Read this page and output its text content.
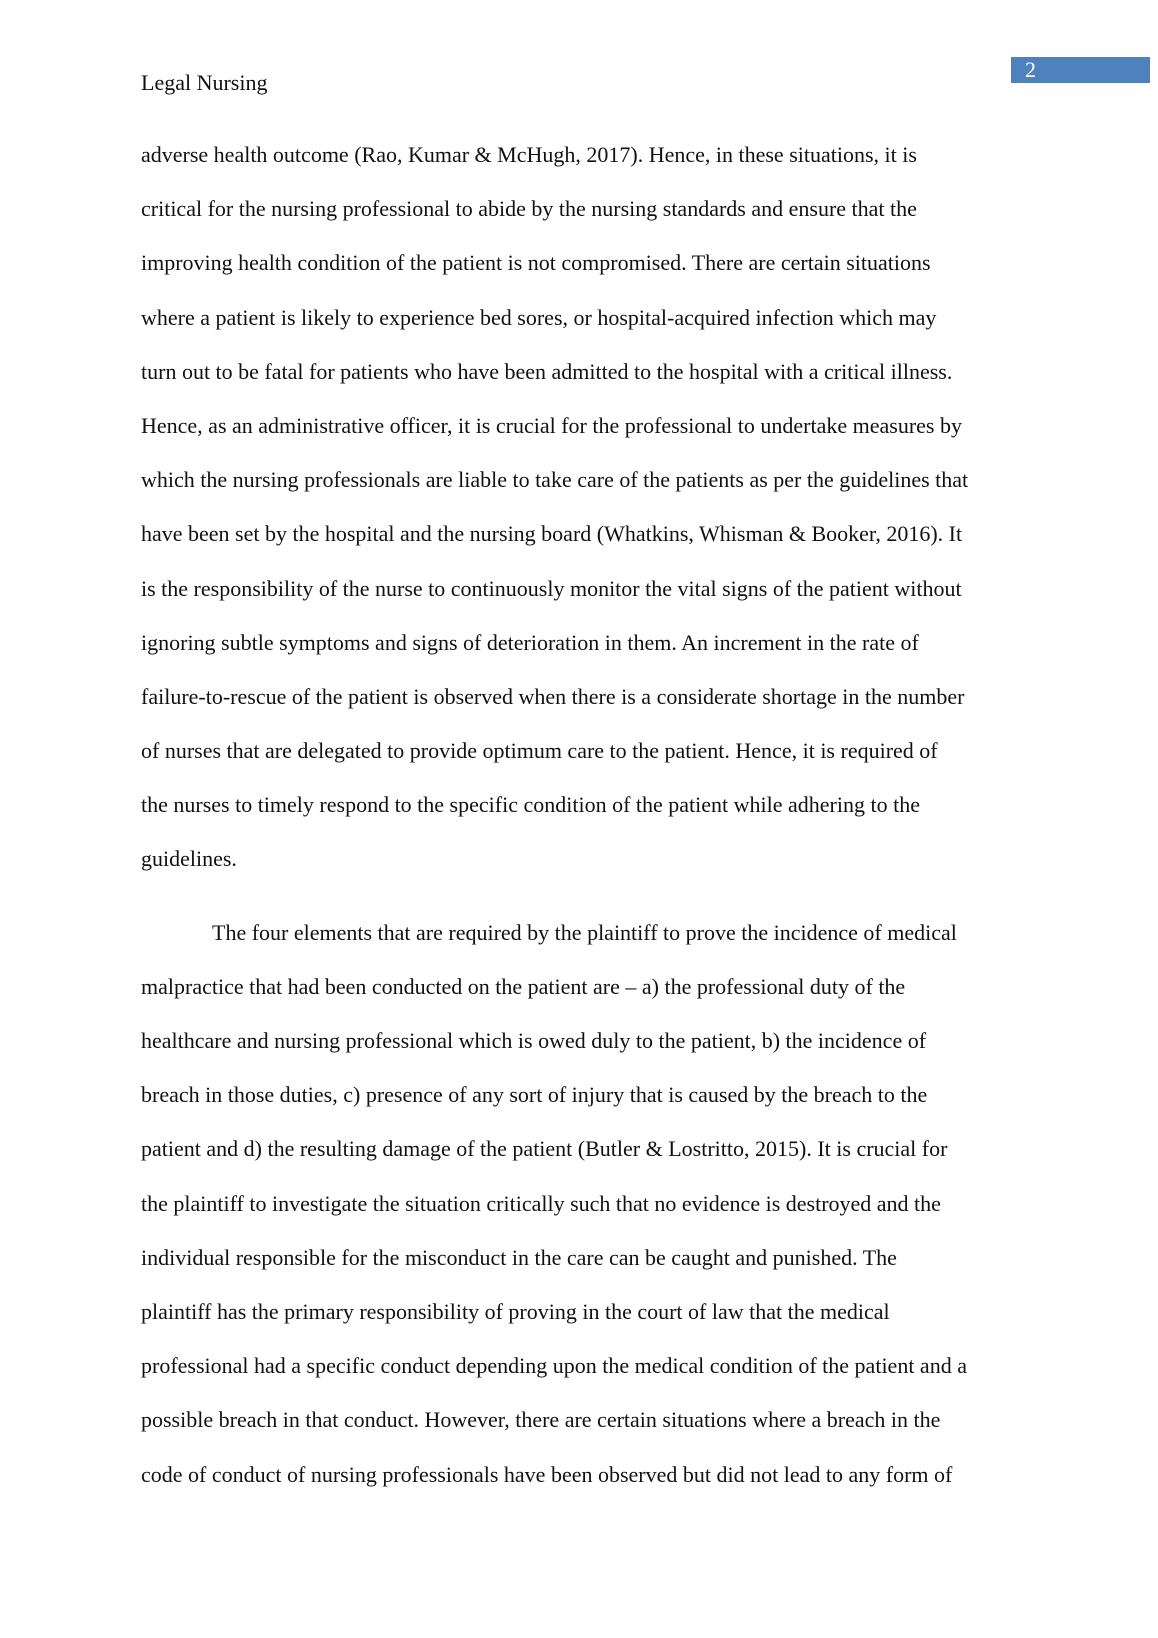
Legal Nursing
2
adverse health outcome (Rao, Kumar & McHugh, 2017). Hence, in these situations, it is
critical for the nursing professional to abide by the nursing standards and ensure that the
improving health condition of the patient is not compromised. There are certain situations
where a patient is likely to experience bed sores, or hospital-acquired infection which may
turn out to be fatal for patients who have been admitted to the hospital with a critical illness.
Hence, as an administrative officer, it is crucial for the professional to undertake measures by
which the nursing professionals are liable to take care of the patients as per the guidelines that
have been set by the hospital and the nursing board (Whatkins, Whisman & Booker, 2016). It
is the responsibility of the nurse to continuously monitor the vital signs of the patient without
ignoring subtle symptoms and signs of deterioration in them. An increment in the rate of
failure-to-rescue of the patient is observed when there is a considerate shortage in the number
of nurses that are delegated to provide optimum care to the patient. Hence, it is required of
the nurses to timely respond to the specific condition of the patient while adhering to the
guidelines.
The four elements that are required by the plaintiff to prove the incidence of medical
malpractice that had been conducted on the patient are – a) the professional duty of the
healthcare and nursing professional which is owed duly to the patient, b) the incidence of
breach in those duties, c) presence of any sort of injury that is caused by the breach to the
patient and d) the resulting damage of the patient (Butler & Lostritto, 2015). It is crucial for
the plaintiff to investigate the situation critically such that no evidence is destroyed and the
individual responsible for the misconduct in the care can be caught and punished. The
plaintiff has the primary responsibility of proving in the court of law that the medical
professional had a specific conduct depending upon the medical condition of the patient and a
possible breach in that conduct. However, there are certain situations where a breach in the
code of conduct of nursing professionals have been observed but did not lead to any form of
